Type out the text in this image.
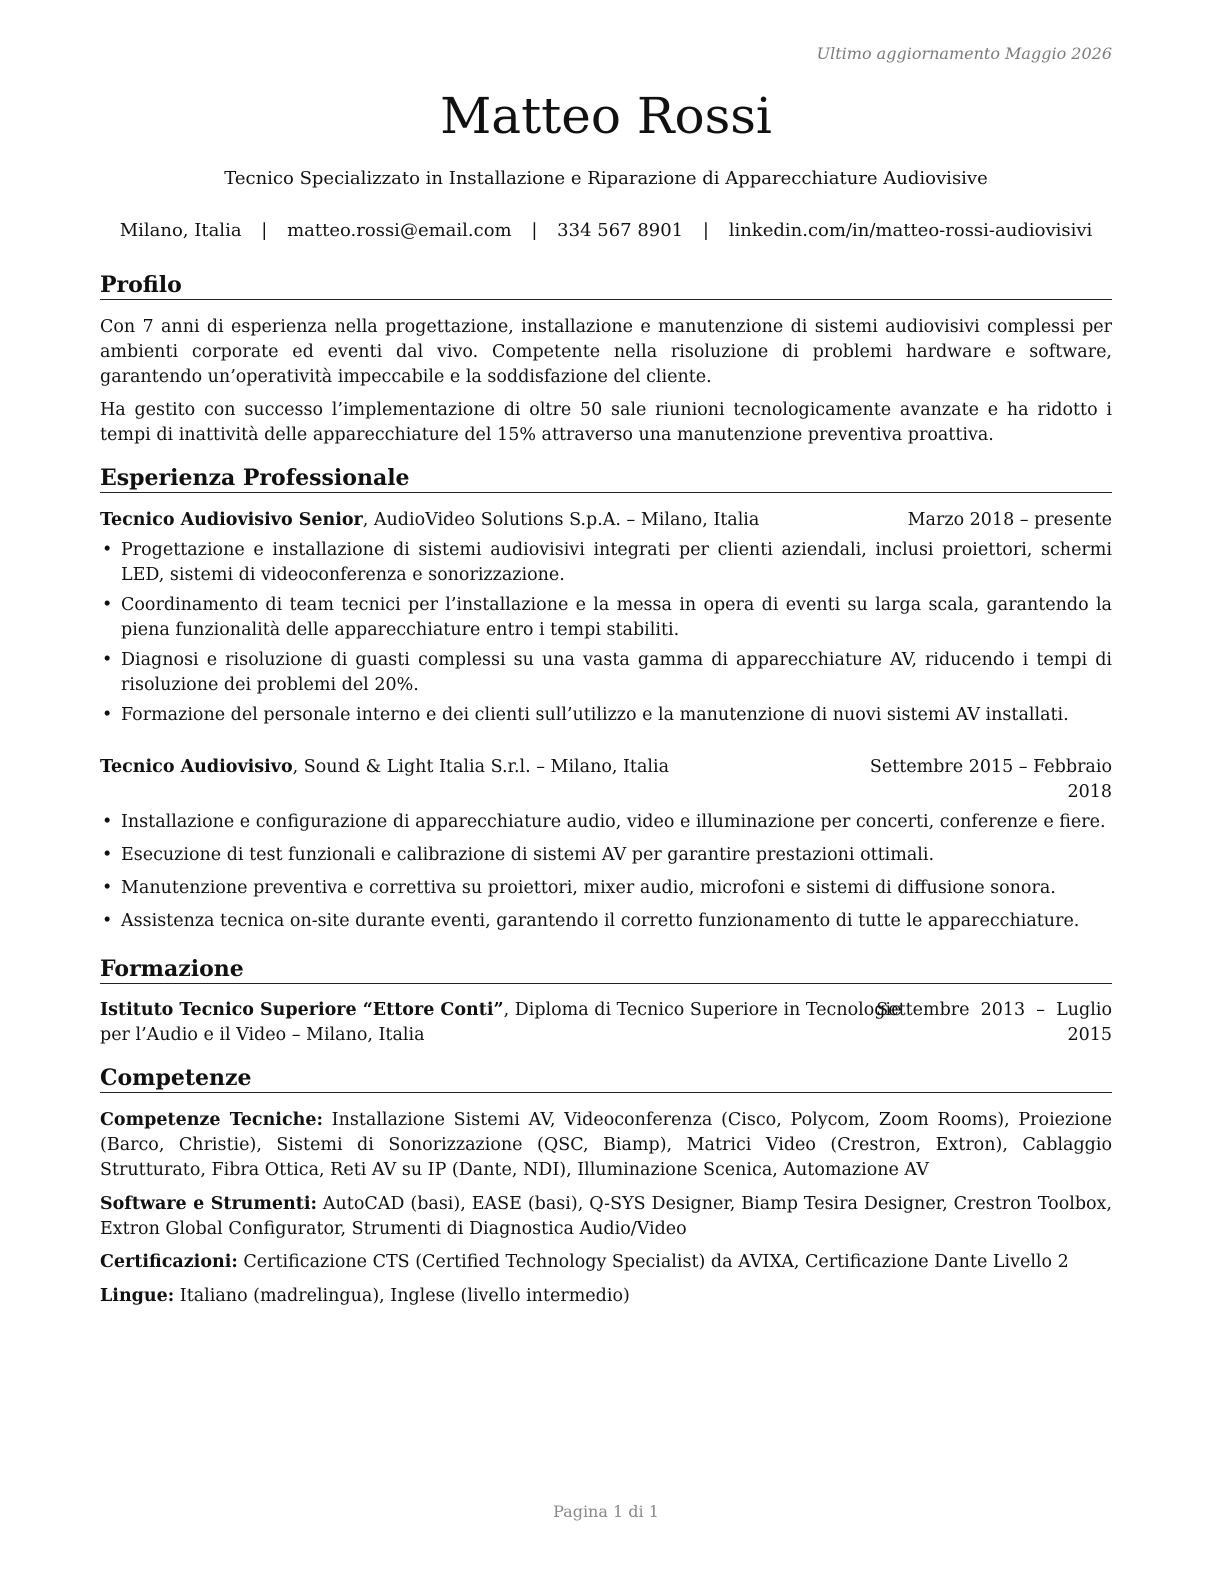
Ultimo aggiornamento Maggio 2026
Matteo Rossi
Tecnico Specializzato in Installazione e Riparazione di Apparecchiature Audiovisive
Milano, Italia | matteo.rossi@email.com | 334 567 8901 | linkedin.com/in/matteo-rossi-audiovisivi
Profilo
Con 7 anni di esperienza nella progettazione, installazione e manutenzione di sistemi audiovisivi complessi per ambienti corporate ed eventi dal vivo. Competente nella risoluzione di problemi hardware e software, garantendo un’operatività impeccabile e la soddisfazione del cliente.
Ha gestito con successo l’implementazione di oltre 50 sale riunioni tecnologicamente avanzate e ha ridotto i tempi di inattività delle apparecchiature del 15% attraverso una manutenzione preventiva proattiva.
Esperienza Professionale
Tecnico Audiovisivo Senior, AudioVideo Solutions S.p.A. – Milano, Italia	Marzo 2018 – presente
• Progettazione e installazione di sistemi audiovisivi integrati per clienti aziendali, inclusi proiettori, schermi LED, sistemi di videoconferenza e sonorizzazione.
• Coordinamento di team tecnici per l’installazione e la messa in opera di eventi su larga scala, garantendo la piena funzionalità delle apparecchiature entro i tempi stabiliti.
• Diagnosi e risoluzione di guasti complessi su una vasta gamma di apparecchiature AV, riducendo i tempi di risoluzione dei problemi del 20%.
• Formazione del personale interno e dei clienti sull’utilizzo e la manutenzione di nuovi sistemi AV installati.
Tecnico Audiovisivo, Sound & Light Italia S.r.l. – Milano, Italia	Settembre 2015 – Febbraio
2018
• Installazione e configurazione di apparecchiature audio, video e illuminazione per concerti, conferenze e fiere.
• Esecuzione di test funzionali e calibrazione di sistemi AV per garantire prestazioni ottimali.
• Manutenzione preventiva e correttiva su proiettori, mixer audio, microfoni e sistemi di diffusione sonora.
• Assistenza tecnica on-site durante eventi, garantendo il corretto funzionamento di tutte le apparecchiature.
Formazione
Istituto Tecnico Superiore “Ettore Conti”, Diploma di Tecnico Superiore in Tecnologie
per l’Audio e il Video – Milano, Italia
Settembre  2013  –  Luglio
2015
Competenze
Competenze Tecniche: Installazione Sistemi AV, Videoconferenza (Cisco, Polycom, Zoom Rooms), Proiezione (Barco, Christie), Sistemi di Sonorizzazione (QSC, Biamp), Matrici Video (Crestron, Extron), Cablaggio Strutturato, Fibra Ottica, Reti AV su IP (Dante, NDI), Illuminazione Scenica, Automazione AV
Software e Strumenti: AutoCAD (basi), EASE (basi), Q-SYS Designer, Biamp Tesira Designer, Crestron Toolbox, Extron Global Configurator, Strumenti di Diagnostica Audio/Video
Certificazioni: Certificazione CTS (Certified Technology Specialist) da AVIXA, Certificazione Dante Livello 2
Lingue: Italiano (madrelingua), Inglese (livello intermedio)
Pagina 1 di 1
